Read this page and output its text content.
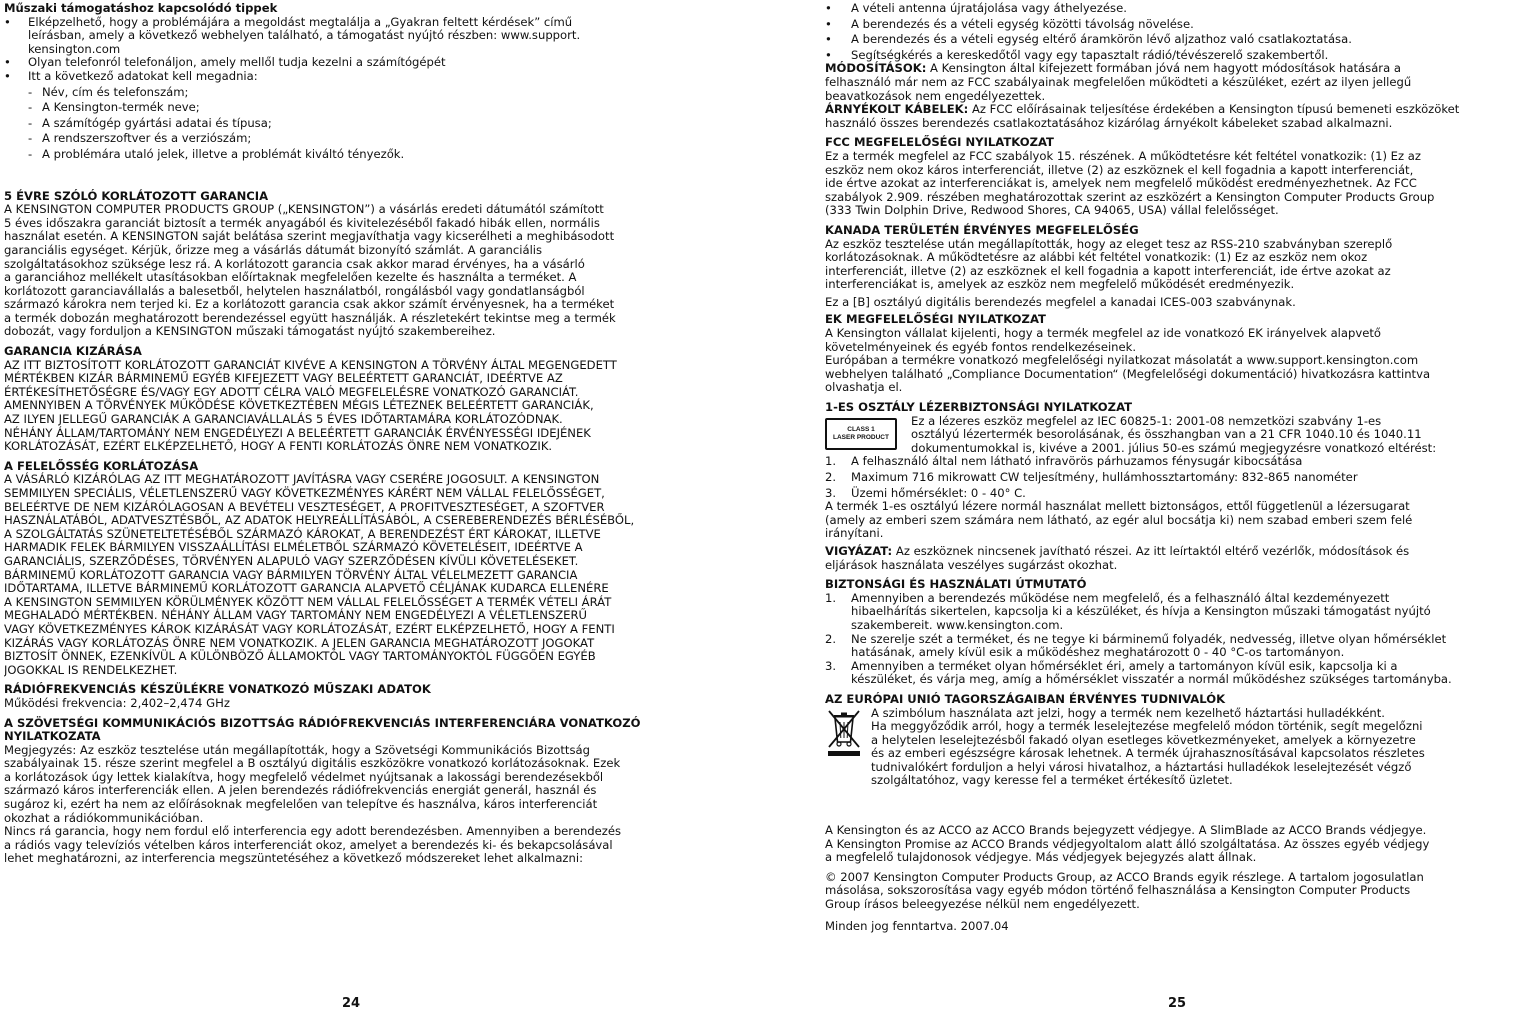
Műszaki támogatáshoz kapcsolódó tippek
•	Elképzelhető, hogy a problémájára a megoldást megtalálja a „Gyakran feltett kérdések” című
leírásban, amely a következő webhelyen található, a támogatást nyújtó részben: www.support.
kensington.com
•	Olyan telefonról telefonáljon, amely mellől tudja kezelni a számítógépét
•	Itt a következő adatokat kell megadnia:
- Név, cím és telefonszám;
- A Kensington-termék neve;
- A számítógép gyártási adatai és típusa;
- A rendszerszoftver és a verziószám;
- A problémára utaló jelek, illetve a problémát kiváltó tényezők.
5 ÉVRE SZÓLÓ KORLÁTOZOTT GARANCIA
A KENSINGTON COMPUTER PRODUCTS GROUP („KENSINGTON”) a vásárlás eredeti dátumától számított
5 éves időszakra garanciát biztosít a termék anyagából és kivitelezéséből fakadó hibák ellen, normális
használat esetén. A KENSINGTON saját belátása szerint megjavíthatja vagy kicserélheti a meghibásodott
garanciális egységet. Kérjük, őrizze meg a vásárlás dátumát bizonyító számlát. A garanciális
szolgáltatásokhoz szüksége lesz rá. A korlátozott garancia csak akkor marad érvényes, ha a vásárló
a garanciához mellékelt utasításokban előírtaknak megfelelően kezelte és használta a terméket. A
korlátozott garanciavállalás a balesetből, helytelen használatból, rongálásból vagy gondatlanságból
származó károkra nem terjed ki. Ez a korlátozott garancia csak akkor számít érvényesnek, ha a terméket
a termék dobozán meghatározott berendezéssel együtt használják. A részletekért tekintse meg a termék
dobozát, vagy forduljon a KENSINGTON műszaki támogatást nyújtó szakembereihez.
GARANCIA KIZÁRÁSA
AZ ITT BIZTOSÍTOTT KORLÁTOZOTT GARANCIÁT KIVÉVE A KENSINGTON A TÖRVÉNY ÁLTAL MEGENGEDETT
MÉRTÉKBEN KIZÁR BÁRMINEMŰ EGYÉB KIFEJEZETT VAGY BELEÉRTETT GARANCIÁT, IDEÉRTVE AZ
ÉRTÉKESÍTHETŐSÉGRE ÉS/VAGY EGY ADOTT CÉLRA VALÓ MEGFELELÉSRE VONATKOZÓ GARANCIÁT.
AMENNYIBEN A TÖRVÉNYEK MŰKÖDÉSE KÖVETKEZTÉBEN MÉGIS LÉTEZNEK BELEÉRTETT GARANCIÁK,
AZ ILYEN JELLEGŰ GARANCIÁK A GARANCIAVÁLLALÁS 5 ÉVES IDŐTARTAMÁRA KORLÁTOZÓDNAK.
NÉHÁNY ÁLLAM/TARTOMÁNY NEM ENGEDÉLYEZI A BELEÉRTETT GARANCIÁK ÉRVÉNYESSÉGI IDEJÉNEK
KORLÁTOZÁSÁT, EZÉRT ELKÉPZELHETŐ, HOGY A FENTI KORLÁTOZÁS ÖNRE NEM VONATKOZIK.
A FELELŐSSÉG KORLÁTOZÁSA
A VÁSÁRLÓ KIZÁRÓLAG AZ ITT MEGHATÁROZOTT JAVÍTÁSRA VAGY CSERÉRE JOGOSULT. A KENSINGTON
SEMMILYEN SPECIÁLIS, VÉLETLENSZERŰ VAGY KÖVETKEZMÉNYES KÁRÉRT NEM VÁLLAL FELELŐSSÉGET,
BELEÉRTVE DE NEM KIZÁRÓLAGOSAN A BEVÉTELI VESZTESÉGET, A PROFITVESZTESÉGET, A SZOFTVER
HASZNÁLATÁBÓL, ADATVESZTÉSBŐL, AZ ADATOK HELYREÁLLÍTÁSÁBÓL, A CSEREBERENDEZÉS BÉRLÉSÉBŐL,
A SZOLGÁLTATÁS SZÜNETELTETÉSÉBŐL SZÁRMAZÓ KÁROKAT, A BERENDEZÉST ÉRT KÁROKAT, ILLETVE
HARMADIK FELEK BÁRMILYEN VISSZAÁLLÍTÁSI ELMÉLETBŐL SZÁRMAZÓ KÖVETELÉSEIT, IDEÉRTVE A
GARANCIÁLIS, SZERZŐDÉSES, TÖRVÉNYEN ALAPULÓ VAGY SZERZŐDÉSEN KÍVÜLI KÖVETELÉSEKET.
BÁRMINEMŰ KORLÁTOZOTT GARANCIA VAGY BÁRMILYEN TÖRVÉNY ÁLTAL VÉLELMEZETT GARANCIA
IDŐTARTAMA, ILLETVE BÁRMINEMŰ KORLÁTOZOTT GARANCIA ALAPVETŐ CÉLJÁNAK KUDARCA ELLENÉRE
A KENSINGTON SEMMILYEN KÖRÜLMÉNYEK KÖZÖTT NEM VÁLLAL FELELŐSSÉGET A TERMÉK VÉTELI ÁRÁT
MEGHALADÓ MÉRTÉKBEN. NÉHÁNY ÁLLAM VAGY TARTOMÁNY NEM ENGEDÉLYEZI A VÉLETLENSZERŰ
VAGY KÖVETKEZMÉNYES KÁROK KIZÁRÁSÁT VAGY KORLÁTOZÁSÁT, EZÉRT ELKÉPZELHETŐ, HOGY A FENTI
KIZÁRÁS VAGY KORLÁTOZÁS ÖNRE NEM VONATKOZIK. A JELEN GARANCIA MEGHATÁROZOTT JOGOKAT
BIZTOSÍT ÖNNEK, EZENKÍVÜL A KÜLÖNBÖZŐ ÁLLAMOKTÓL VAGY TARTOMÁNYOKTÓL FÜGGŐEN EGYÉB
JOGOKKAL IS RENDELKEZHET.
RÁDIÓFREKVENCIÁS KÉSZÜLÉKRE VONATKOZÓ MŰSZAKI ADATOK
Működési frekvencia: 2,402–2,474 GHz
A SZÖVETSÉGI KOMMUNIKÁCIÓS BIZOTTSÁG RÁDIÓFREKVENCIÁS INTERFERENCIÁRA VONATKOZÓ
NYILATKOZATA
Megjegyzés: Az eszköz tesztelése után megállapították, hogy a Szövetségi Kommunikációs Bizottság
szabályainak 15. része szerint megfelel a B osztályú digitális eszközökre vonatkozó korlátozásoknak. Ezek
a korlátozások úgy lettek kialakítva, hogy megfelelő védelmet nyújtsanak a lakossági berendezésekből
származó káros interferenciák ellen. A jelen berendezés rádiófrekvenciás energiát generál, használ és
sugároz ki, ezért ha nem az előírásoknak megfelelően van telepítve és használva, káros interferenciát
okozhat a rádiókommunikációban.
Nincs rá garancia, hogy nem fordul elő interferencia egy adott berendezésben. Amennyiben a berendezés
a rádiós vagy televíziós vételben káros interferenciát okoz, amelyet a berendezés ki- és bekapcsolásával
lehet meghatározni, az interferencia megszüntetéséhez a következő módszereket lehet alkalmazni:
24
•	A vételi antenna újratájolása vagy áthelyezése.
•	A berendezés és a vételi egység közötti távolság növelése.
•	A berendezés és a vételi egység eltérő áramkörön lévő aljzathoz való csatlakoztatása.
•	Segítségkérés a kereskedőtől vagy egy tapasztalt rádió/tévészerelő szakembertől.
MÓDOSÍTÁSOK: A Kensington által kifejezett formában jóvá nem hagyott módosítások hatására a
felhasználó már nem az FCC szabályainak megfelelően működteti a készüléket, ezért az ilyen jellegű
beavatkozások nem engedélyezettek.
ÁRNYÉKOLT KÁBELEK: Az FCC előírásainak teljesítése érdekében a Kensington típusú bemeneti eszközöket
használó összes berendezés csatlakoztatásához kizárólag árnyékolt kábeleket szabad alkalmazni.
FCC MEGFELELŐSÉGI NYILATKOZAT
Ez a termék megfelel az FCC szabályok 15. részének. A működtetésre két feltétel vonatkozik: (1) Ez az
eszköz nem okoz káros interferenciát, illetve (2) az eszköznek el kell fogadnia a kapott interferenciát,
ide értve azokat az interferenciákat is, amelyek nem megfelelő működést eredményezhetnek. Az FCC
szabályok 2.909. részében meghatározottak szerint az eszközért a Kensington Computer Products Group
(333 Twin Dolphin Drive, Redwood Shores, CA 94065, USA) vállal felelősséget.
KANADA TERÜLETÉN ÉRVÉNYES MEGFELELŐSÉG
Az eszköz tesztelése után megállapították, hogy az eleget tesz az RSS-210 szabványban szereplő
korlátozásoknak. A működtetésre az alábbi két feltétel vonatkozik: (1) Ez az eszköz nem okoz
interferenciát, illetve (2) az eszköznek el kell fogadnia a kapott interferenciát, ide értve azokat az
interferenciákat is, amelyek az eszköz nem megfelelő működését eredményezik.
Ez a [B] osztályú digitális berendezés megfelel a kanadai ICES-003 szabványnak.
EK MEGFELELŐSÉGI NYILATKOZAT
A Kensington vállalat kijelenti, hogy a termék megfelel az ide vonatkozó EK irányelvek alapvető
követelményeinek és egyéb fontos rendelkezéseinek.
Európában a termékre vonatkozó megfelelőségi nyilatkozat másolatát a www.support.kensington.com
webhelyen található „Compliance Documentation“ (Megfelelőségi dokumentáció) hivatkozásra kattintva
olvashatja el.
1-ES OSZTÁLY LÉZERBIZTONSÁGI NYILATKOZAT
CLASS 1
LASER PRODUCT
Ez a lézeres eszköz megfelel az IEC 60825-1: 2001-08 nemzetközi szabvány 1-es
osztályú lézertermék besorolásának, és összhangban van a 21 CFR 1040.10 és 1040.11
dokumentumokkal is, kivéve a 2001. július 50-es számú megjegyzésre vonatkozó eltérést:
1.	A felhasználó által nem látható infravörös párhuzamos fénysugár kibocsátása
2.	Maximum 716 mikrowatt CW teljesítmény, hullámhossztartomány: 832-865 nanométer
3.	Üzemi hőmérséklet: 0 - 40° C.
A termék 1-es osztályú lézere normál használat mellett biztonságos, ettől függetlenül a lézersugarat
(amely az emberi szem számára nem látható, az egér alul bocsátja ki) nem szabad emberi szem felé
irányítani.
VIGYÁZAT: Az eszköznek nincsenek javítható részei. Az itt leírtaktól eltérő vezérlők, módosítások és
eljárások használata veszélyes sugárzást okozhat.
BIZTONSÁGI ÉS HASZNÁLATI ÚTMUTATÓ
1.	Amennyiben a berendezés működése nem megfelelő, és a felhasználó által kezdeményezett
hibaelhárítás sikertelen, kapcsolja ki a készüléket, és hívja a Kensington műszaki támogatást nyújtó
szakembereit. www.kensington.com.
2.	Ne szerelje szét a terméket, és ne tegye ki bárminemű folyadék, nedvesség, illetve olyan hőmérséklet
hatásának, amely kívül esik a működéshez meghatározott 0 - 40 °C-os tartományon.
3.	Amennyiben a terméket olyan hőmérséklet éri, amely a tartományon kívül esik, kapcsolja ki a
készüléket, és várja meg, amíg a hőmérséklet visszatér a normál működéshez szükséges tartományba.
AZ EURÓPAI UNIÓ TAGORSZÁGAIBAN ÉRVÉNYES TUDNIVALÓK
A szimbólum használata azt jelzi, hogy a termék nem kezelhető háztartási hulladékként.
Ha meggyőződik arról, hogy a termék leselejtezése megfelelő módon történik, segít megelőzni
a helytelen leselejtezésből fakadó olyan esetleges következményeket, amelyek a környezetre
és az emberi egészségre károsak lehetnek. A termék újrahasznosításával kapcsolatos részletes
tudnivalókért forduljon a helyi városi hivatalhoz, a háztartási hulladékok leselejtezését végző
szolgáltatóhoz, vagy keresse fel a terméket értékesítő üzletet.
A Kensington és az ACCO az ACCO Brands bejegyzett védjegye. A SlimBlade az ACCO Brands védjegye.
A Kensington Promise az ACCO Brands védjegyoltalom alatt álló szolgáltatása. Az összes egyéb védjegy
a megfelelő tulajdonosok védjegye. Más védjegyek bejegyzés alatt állnak.
© 2007 Kensington Computer Products Group, az ACCO Brands egyik részlege. A tartalom jogosulatlan
másolása, sokszorosítása vagy egyéb módon történő felhasználása a Kensington Computer Products
Group írásos beleegyezése nélkül nem engedélyezett.
Minden jog fenntartva. 2007.04
25
